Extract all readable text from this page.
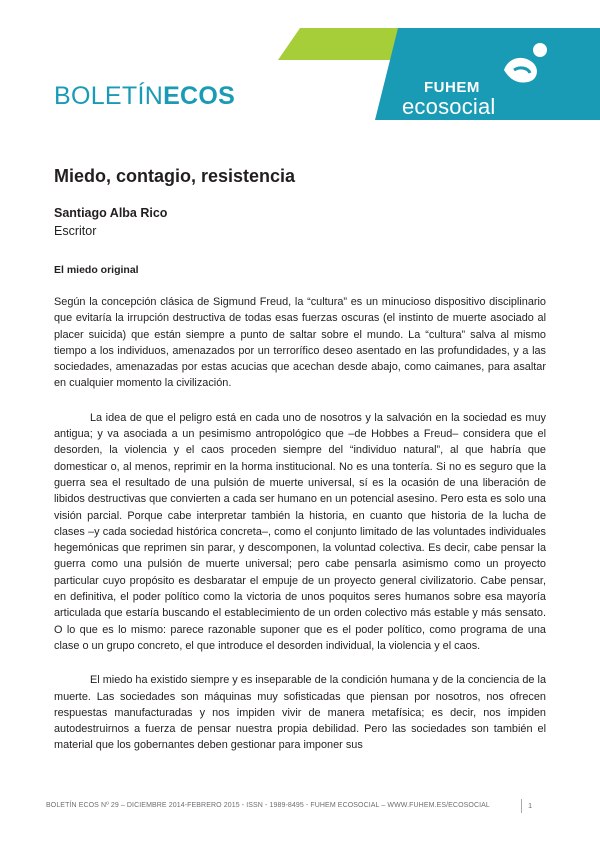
BOLETÍNECOS	FUHEM
ecosocial
Miedo, contagio, resistencia
Santiago Alba Rico
Escritor
El miedo original

Según la concepción clásica de Sigmund Freud, la “cultura” es un minucioso dispositivo disciplinario que evitaría la irrupción destructiva de todas esas fuerzas oscuras (el instinto de muerte asociado al placer suicida) que están siempre a punto de saltar sobre el mundo. La “cultura” salva al mismo tiempo a los individuos, amenazados por un terrorífico deseo asentado en las profundidades, y a las sociedades, amenazadas por estas acucias que acechan desde abajo, como caimanes, para asaltar en cualquier momento la civilización.

La idea de que el peligro está en cada uno de nosotros y la salvación en la sociedad es muy antigua; y va asociada a un pesimismo antropológico que –de Hobbes a Freud– considera que el desorden, la violencia y el caos proceden siempre del “individuo natural”, al que habría que domesticar o, al menos, reprimir en la horma institucional. No es una tontería. Si no es seguro que la guerra sea el resultado de una pulsión de muerte universal, sí es la ocasión de una liberación de libidos destructivas que convierten a cada ser humano en un potencial asesino. Pero esta es solo una visión parcial. Porque cabe interpretar también la historia, en cuanto que historia de la lucha de clases –y cada sociedad histórica concreta–, como el conjunto limitado de las voluntades individuales hegemónicas que reprimen sin parar, y descomponen, la voluntad colectiva. Es decir, cabe pensar la guerra como una pulsión de muerte universal; pero cabe pensarla asimismo como un proyecto particular cuyo propósito es desbaratar el empuje de un proyecto general civilizatorio. Cabe pensar, en definitiva, el poder político como la victoria de unos poquitos seres humanos sobre esa mayoría articulada que estaría buscando el establecimiento de un orden colectivo más estable y más sensato. O lo que es lo mismo: parece razonable suponer que es el poder político, como programa de una clase o un grupo concreto, el que introduce el desorden individual, la violencia y el caos.

El miedo ha existido siempre y es inseparable de la condición humana y de la conciencia de la muerte. Las sociedades son máquinas muy sofisticadas que piensan por nosotros, nos ofrecen respuestas manufacturadas y nos impiden vivir de manera metafísica; es decir, nos impiden autodestruirnos a fuerza de pensar nuestra propia debilidad. Pero las sociedades son también el material que los gobernantes deben gestionar para imponer sus

BOLETÍN ECOS Nº 29 – DICIEMBRE 2014-FEBRERO 2015 - ISSN - 1989-8495 - FUHEM ECOSOCIAL – WWW.FUHEM.ES/ECOSOCIAL	1
